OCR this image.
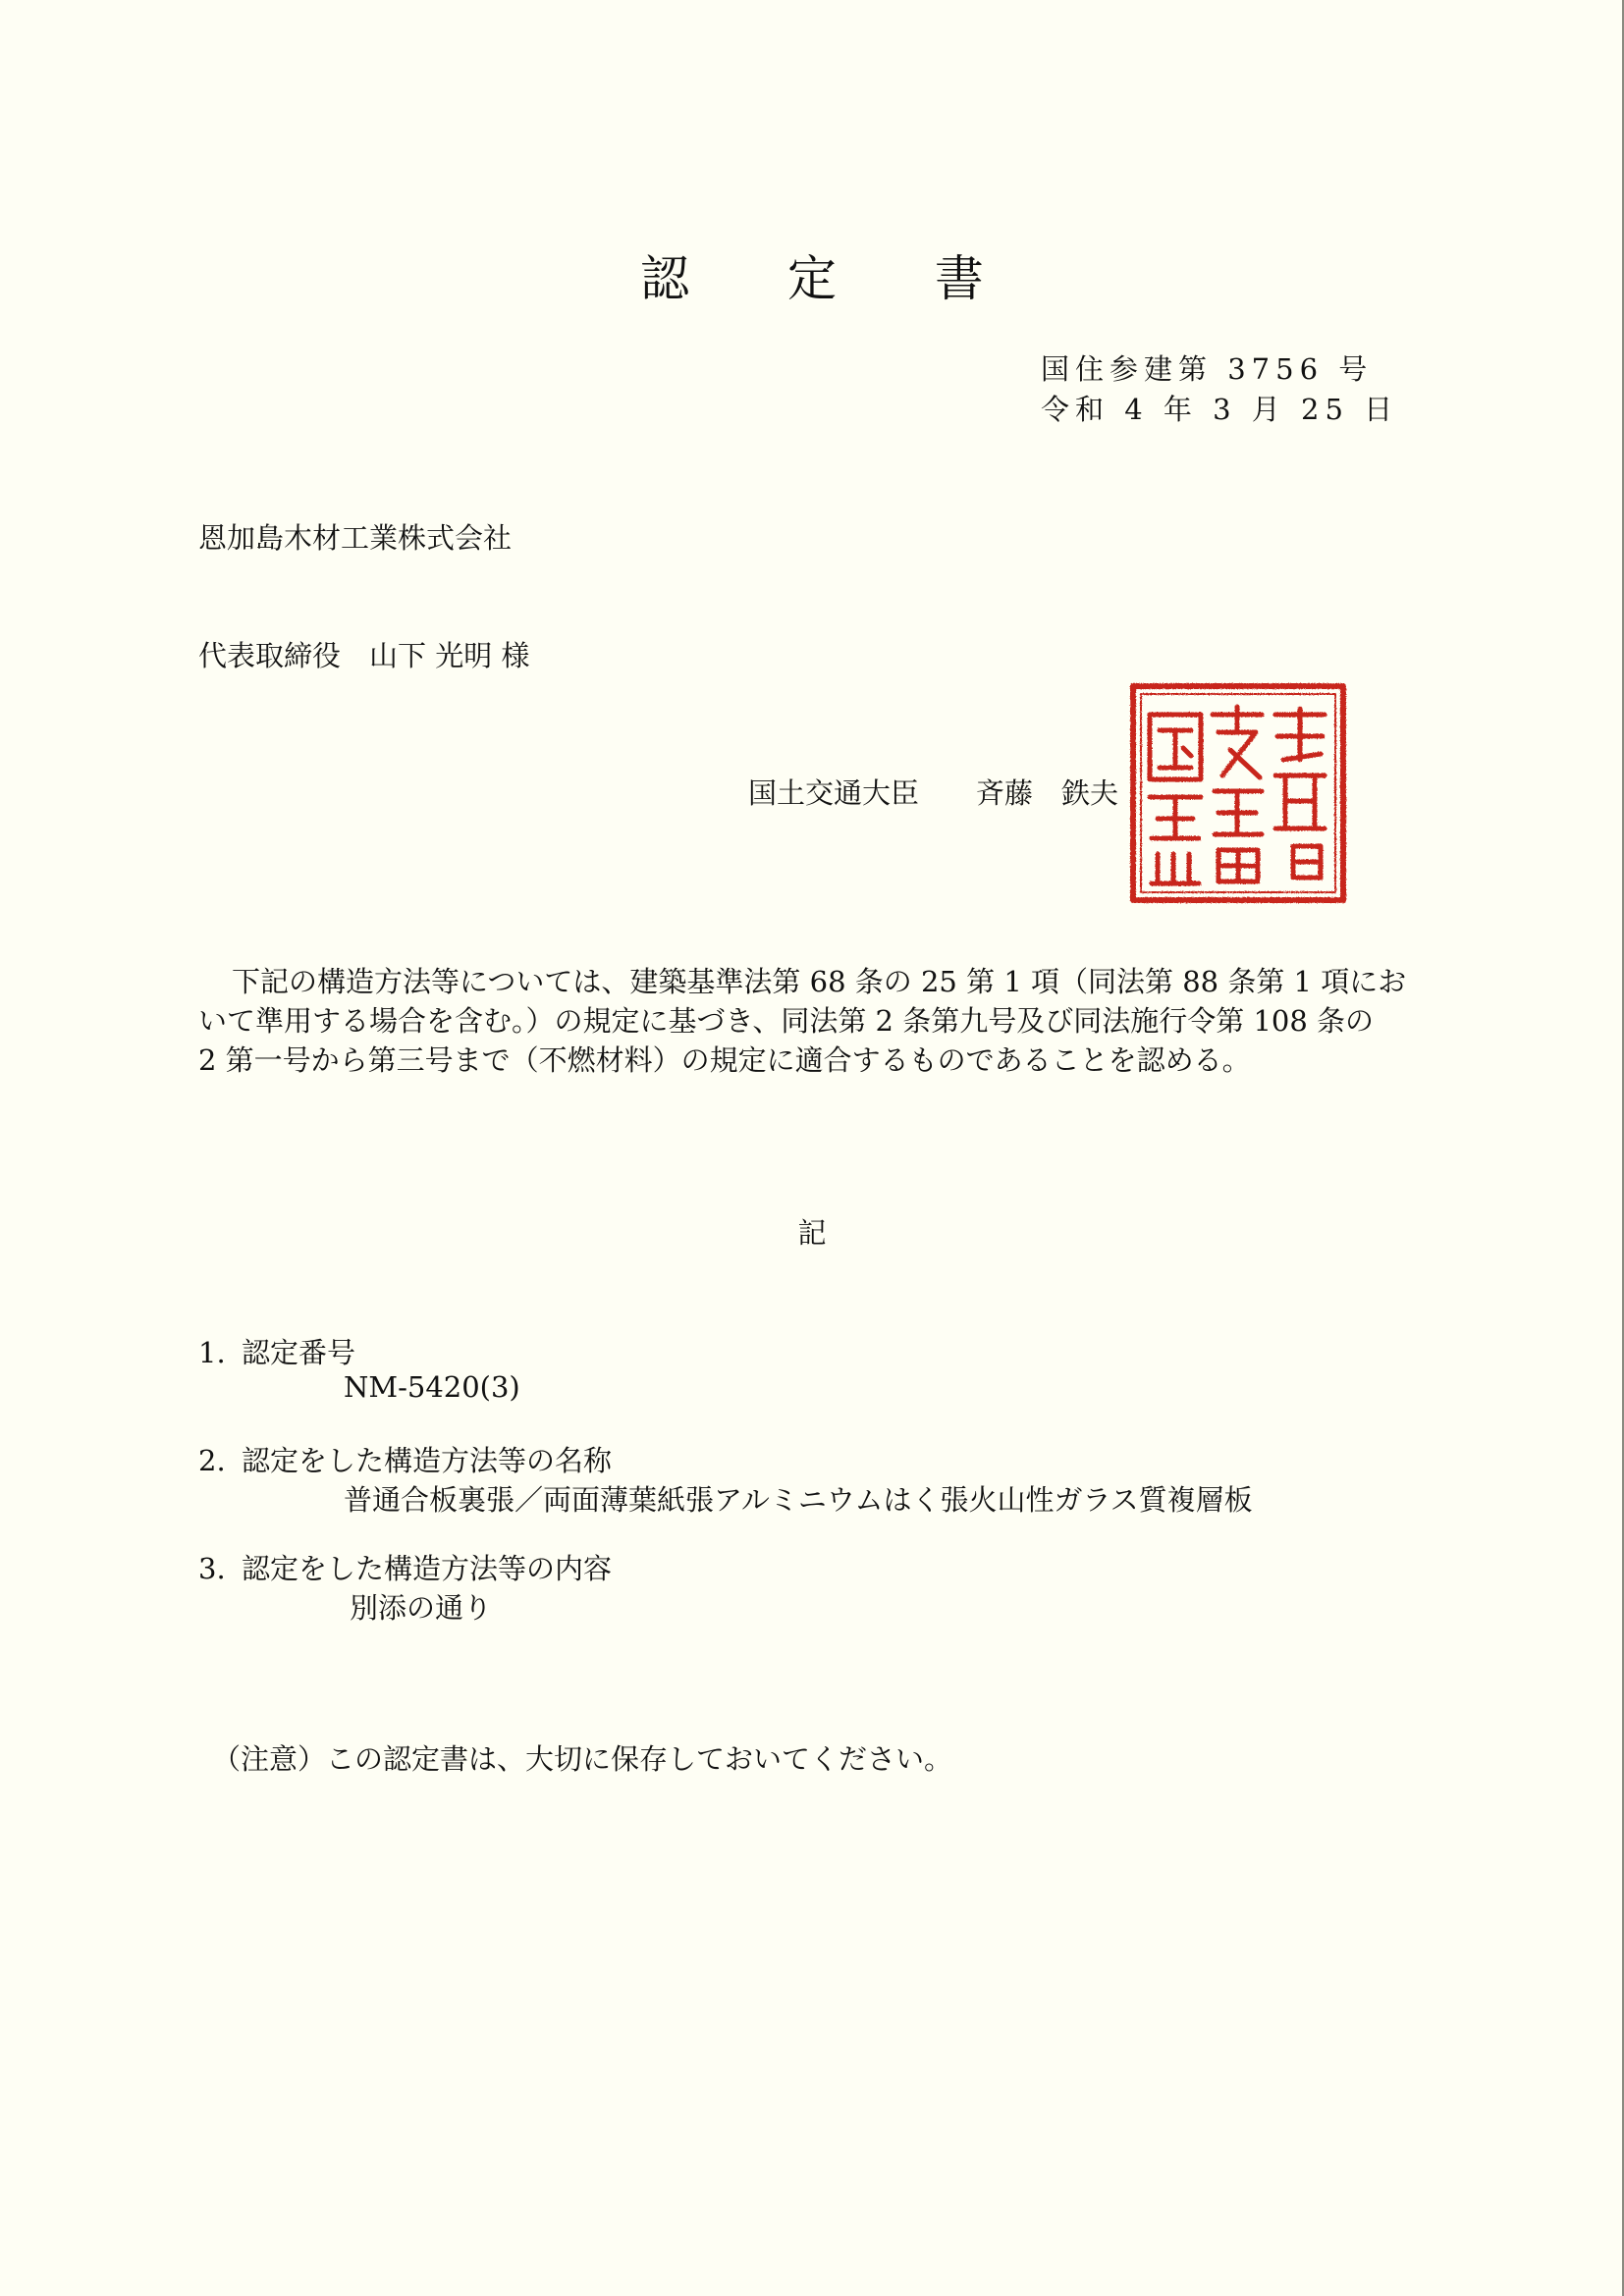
認 定 書
国住参建第 3756 号
令和 4 年 3 月 25 日

恩加島木材工業株式会社

代表取締役　山下 光明 様

国土交通大臣　　斉藤　鉄夫

下記の構造方法等については、建築基準法第 68 条の 25 第 1 項（同法第 88 条第 1 項にお

いて準用する場合を含む。）の規定に基づき、同法第 2 条第九号及び同法施行令第 108 条の

2 第一号から第三号まで（不燃材料）の規定に適合するものであることを認める。

記
1. 認定番号
NM-5420(3)
2. 認定をした構造方法等の名称
普通合板裏張／両面薄葉紙張アルミニウムはく張火山性ガラス質複層板
3. 認定をした構造方法等の内容
別添の通り
（注意）この認定書は、大切に保存しておいてください。
